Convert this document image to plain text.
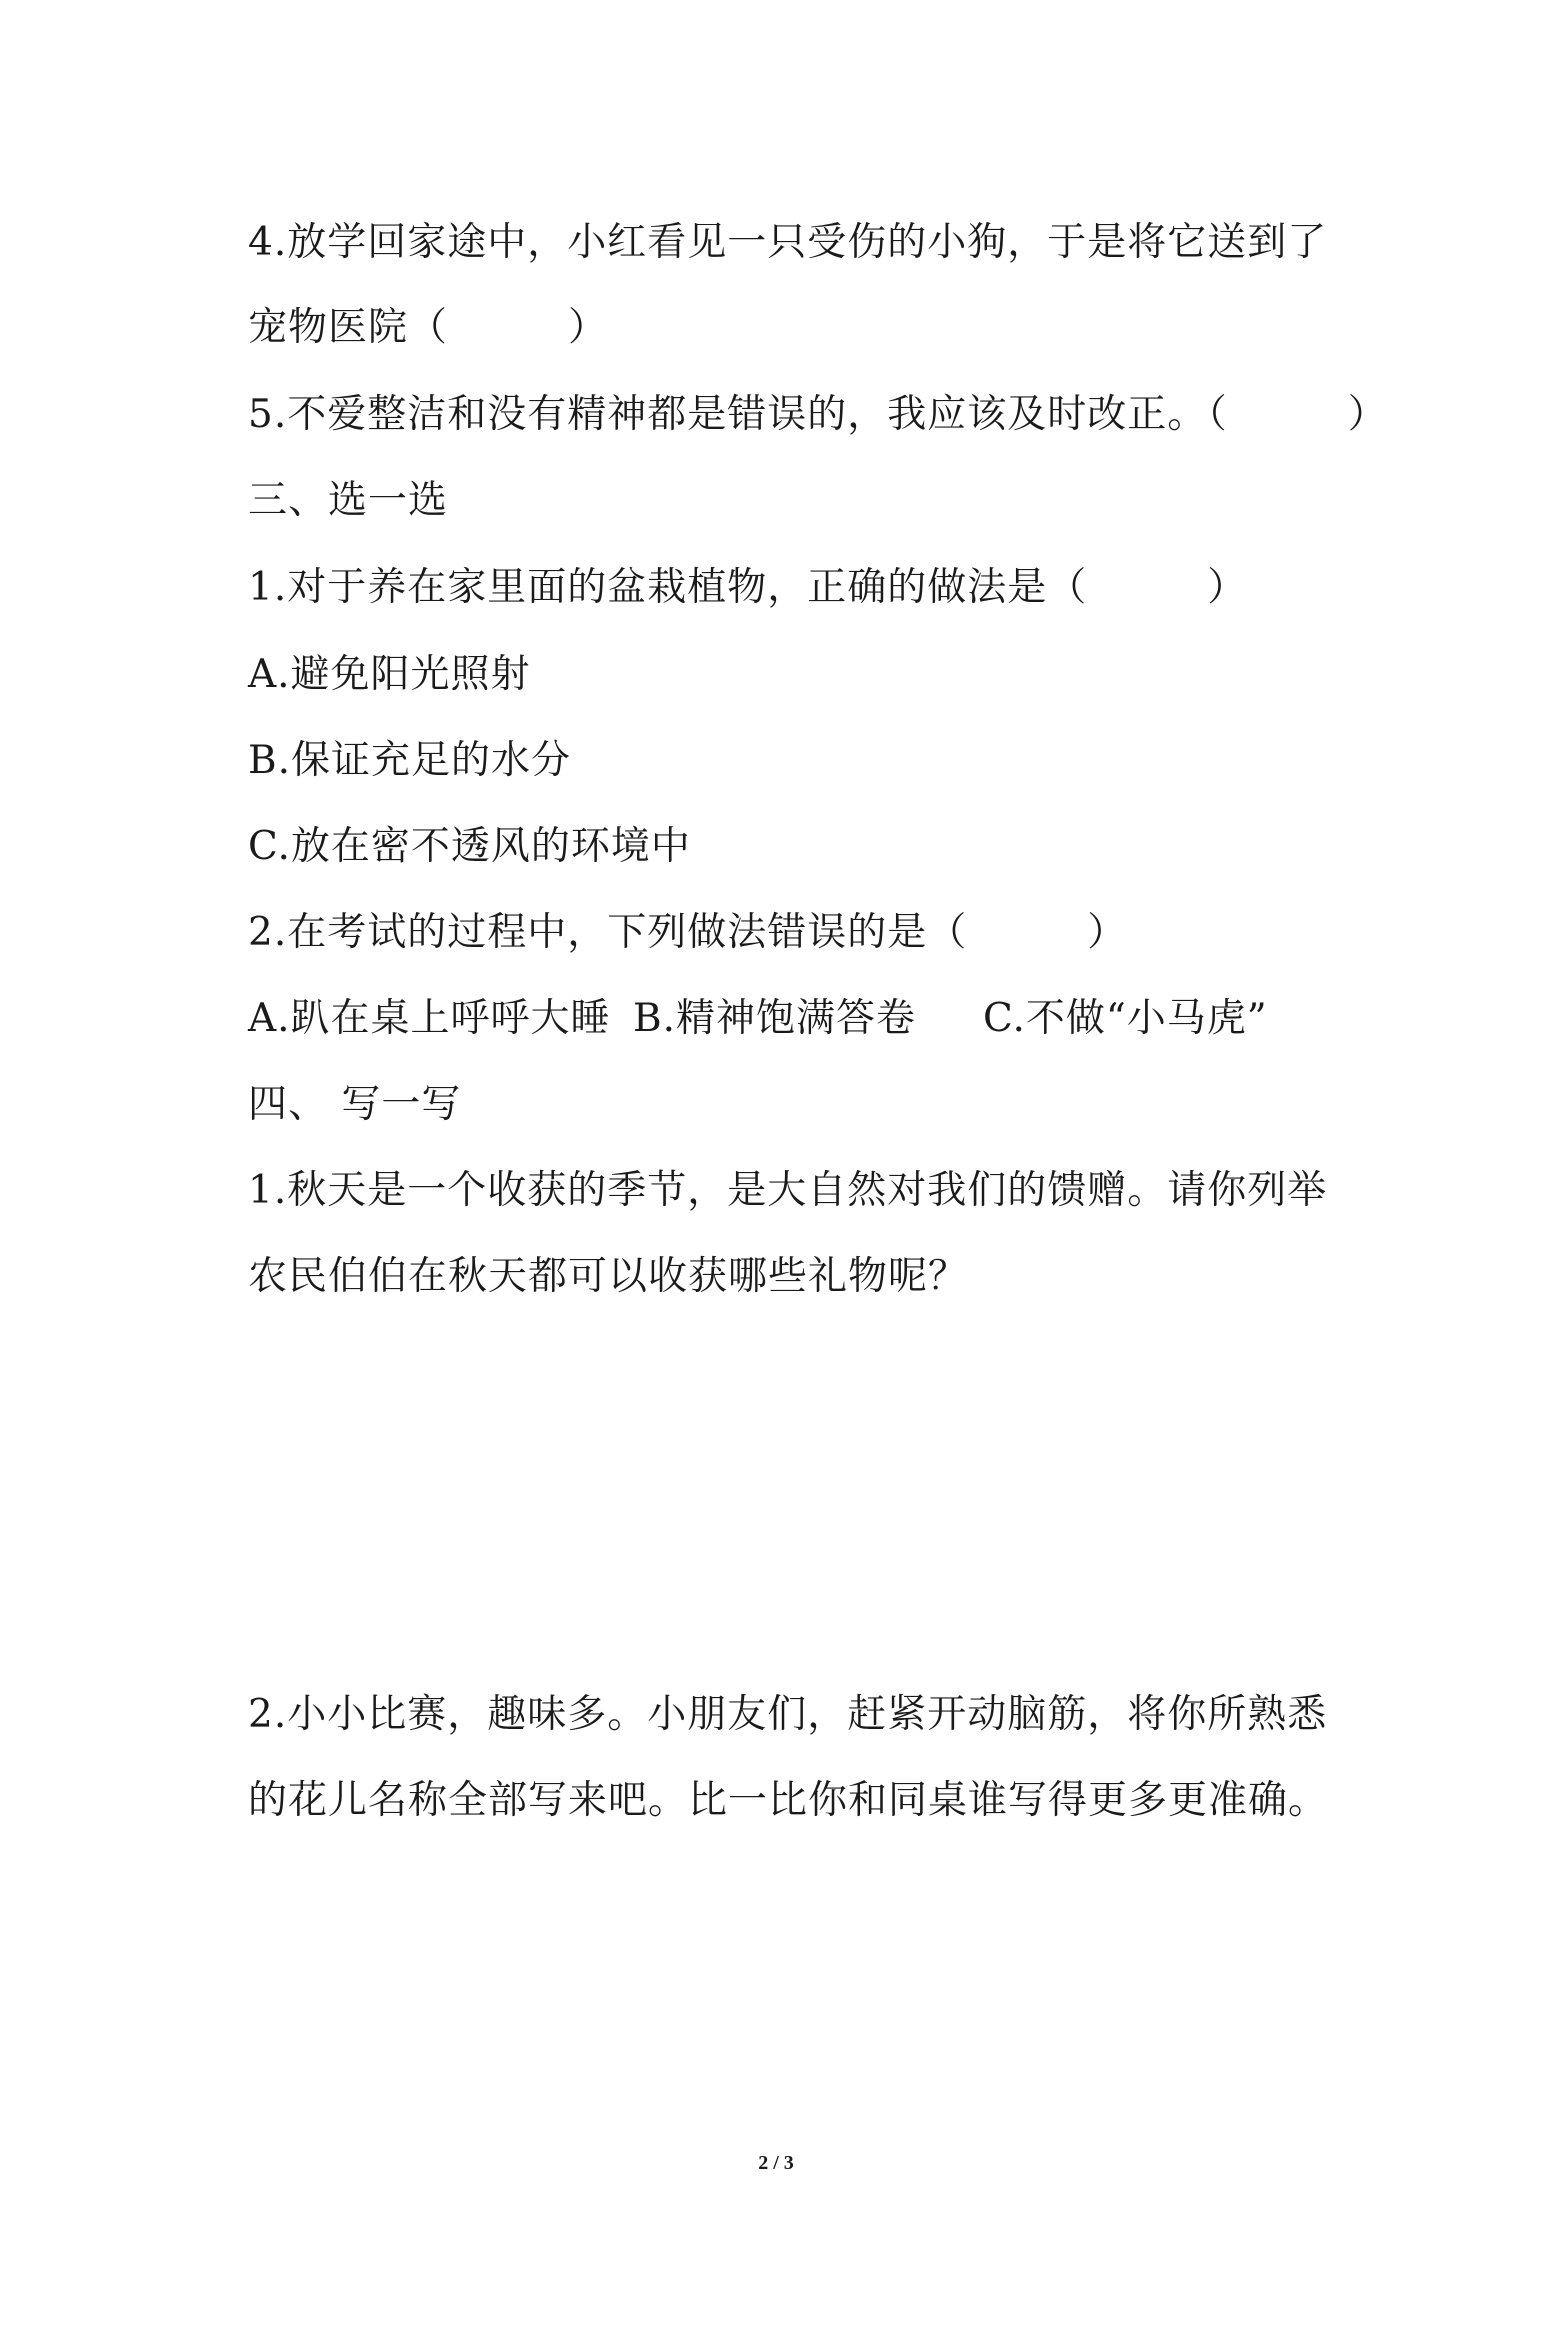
4.放学回家途中，小红看见一只受伤的小狗，于是将它送到了
宠物医院（　　　）
5.不爱整洁和没有精神都是错误的，我应该及时改正。（　　　）
三、选一选
1.对于养在家里面的盆栽植物，正确的做法是（　　　）
A.避免阳光照射
B.保证充足的水分
C.放在密不透风的环境中
2.在考试的过程中，下列做法错误的是（　　　）
A.趴在桌上呼呼大睡 B.精神饱满答卷 C.不做“小马虎”
四、 写一写
1.秋天是一个收获的季节，是大自然对我们的馈赠。请你列举
农民伯伯在秋天都可以收获哪些礼物呢？
2.小小比赛，趣味多。小朋友们，赶紧开动脑筋，将你所熟悉
的花儿名称全部写来吧。比一比你和同桌谁写得更多更准确。
2 / 3
